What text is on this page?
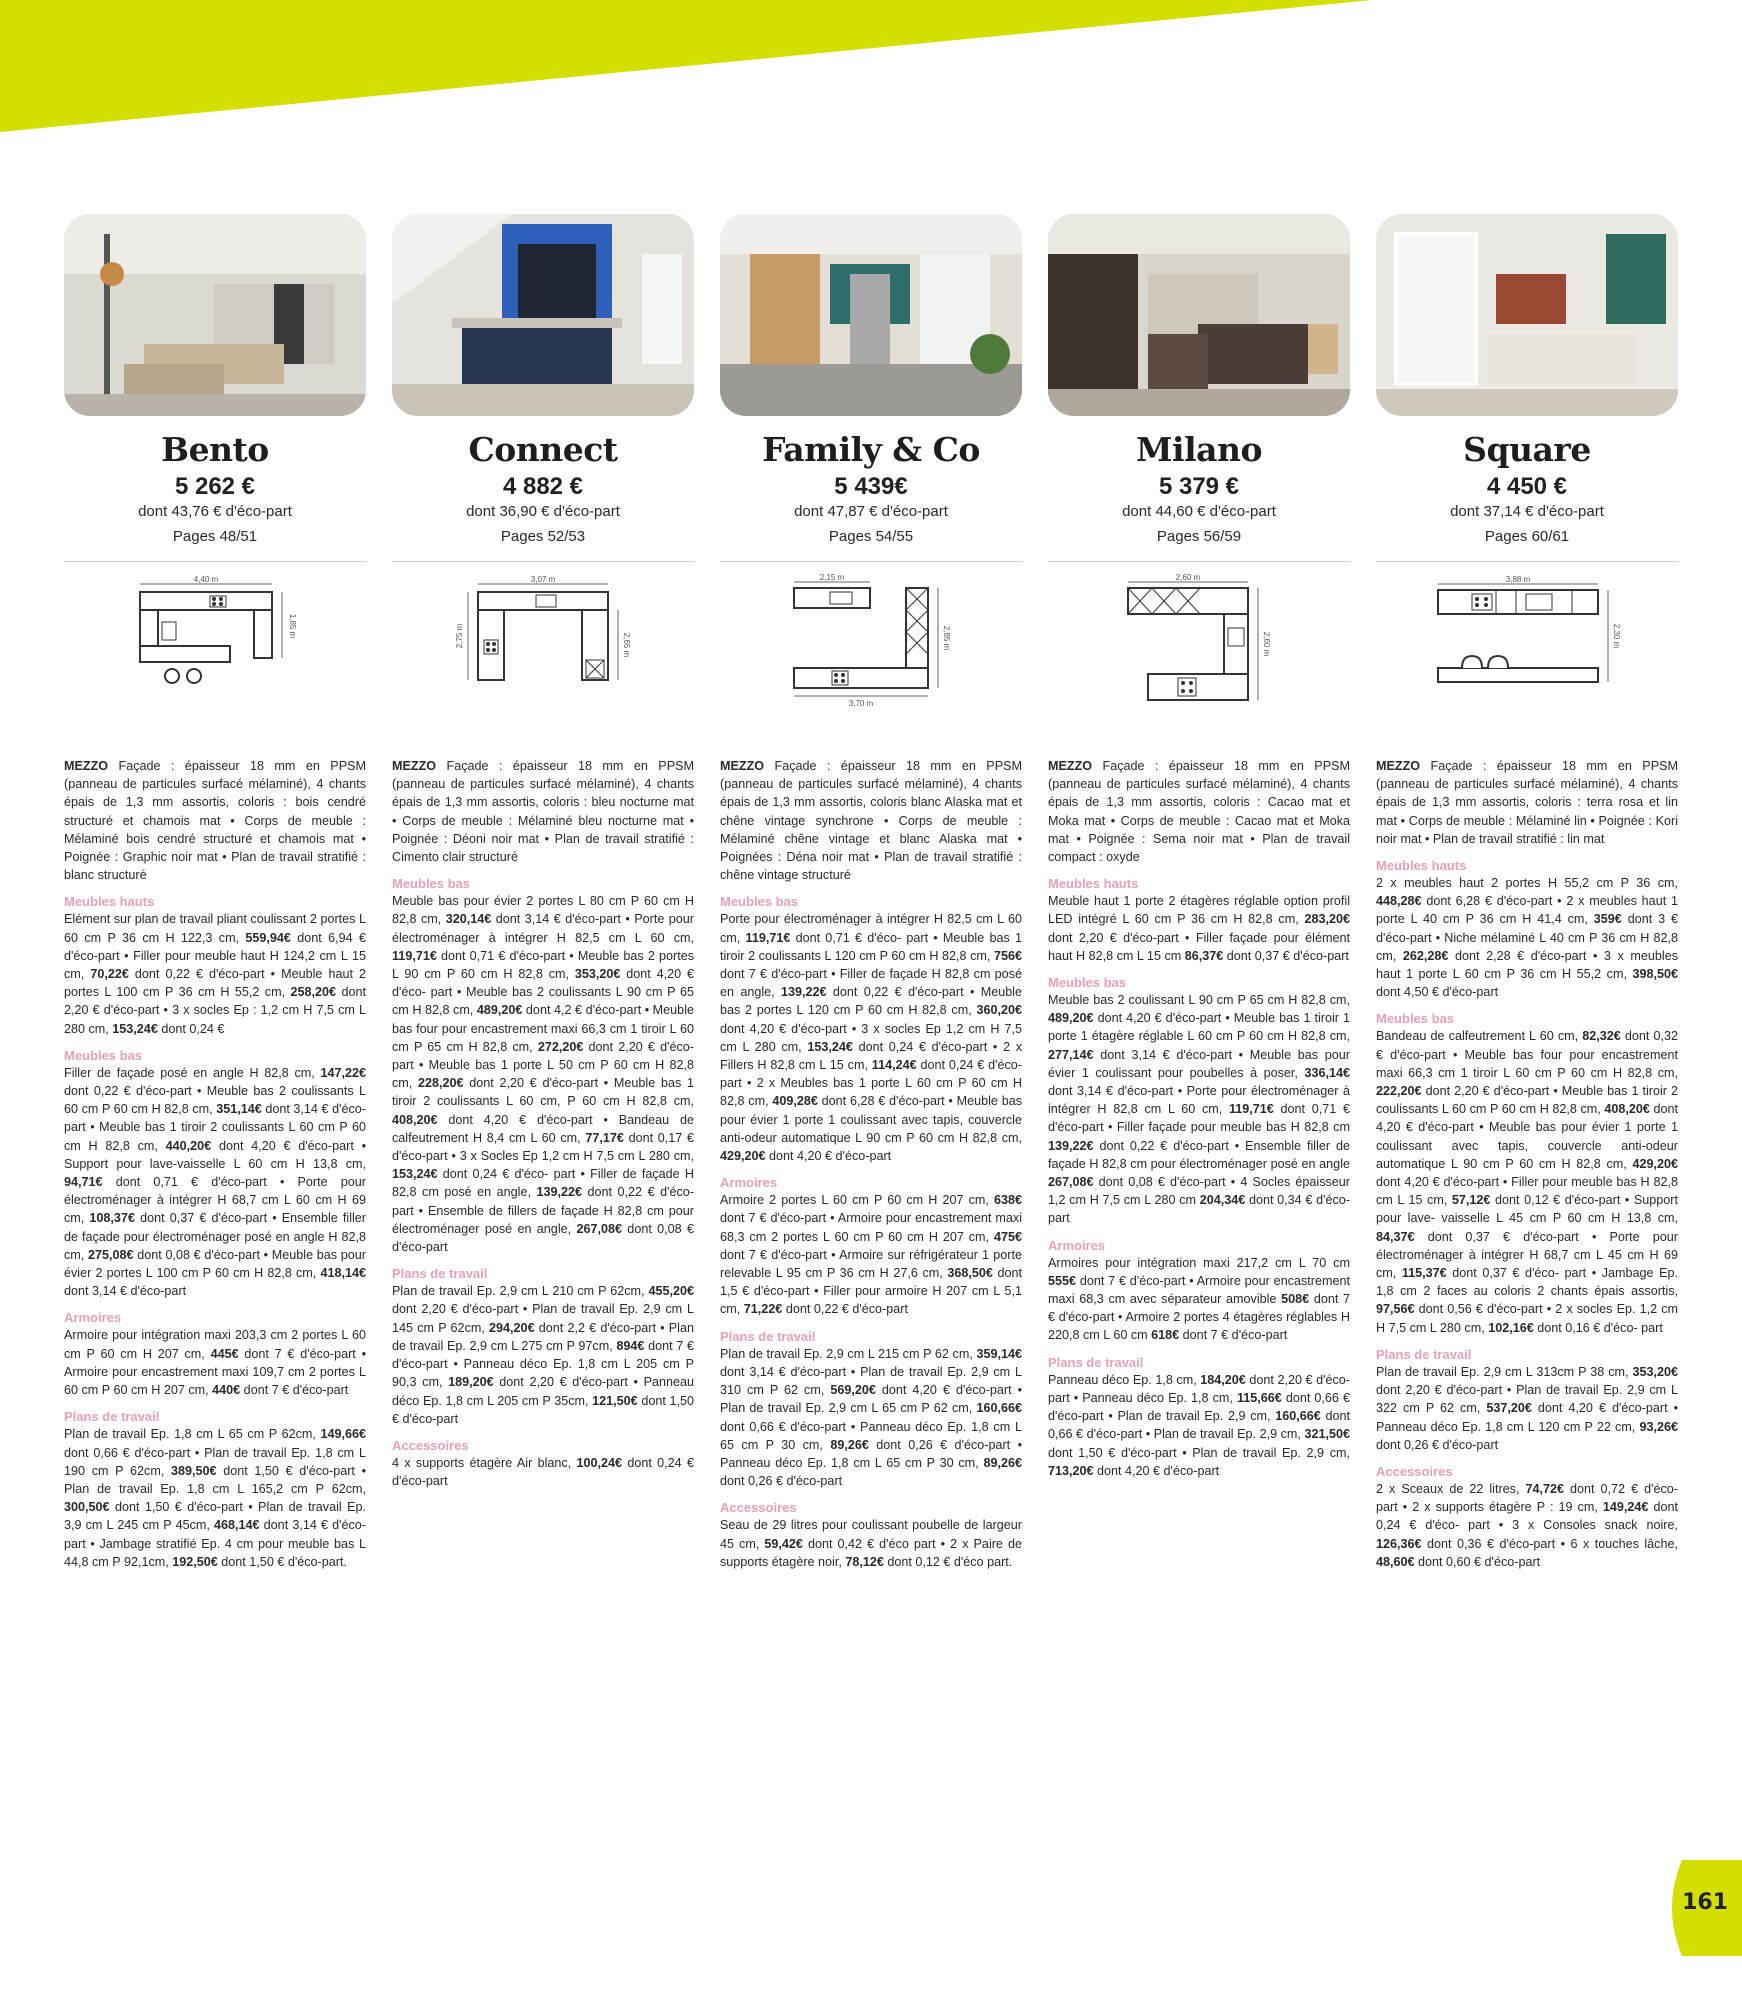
Bento
5 262 €
dont 43,76 € d'éco-part
Pages 48/51
4,40 m
1,85 m
MEZZO Façade : épaisseur 18 mm en PPSM (panneau de particules surfacé mélaminé), 4 chants épais de 1,3 mm assortis, coloris : bois cendré structuré et chamois mat • Corps de meuble : Mélaminé bois cendré structuré et chamois mat • Poignée : Graphic noir mat • Plan de travail stratifié : blanc structuré
Meubles hauts
Elément sur plan de travail pliant coulissant 2 portes L 60 cm P 36 cm H 122,3 cm, 559,94€ dont 6,94 € d'éco-part • Filler pour meuble haut H 124,2 cm L 15 cm, 70,22€ dont 0,22 € d'éco-part • Meuble haut 2 portes L 100 cm P 36 cm H 55,2 cm, 258,20€ dont 2,20 € d'éco-part • 3 x socles Ep : 1,2 cm H 7,5 cm L 280 cm, 153,24€ dont 0,24 €
Meubles bas
Filler de façade posé en angle H 82,8 cm, 147,22€ dont 0,22 € d'éco-part • Meuble bas 2 coulissants L 60 cm P 60 cm H 82,8 cm, 351,14€ dont 3,14 € d'éco-part • Meuble bas 1 tiroir 2 coulissants L 60 cm P 60 cm H 82,8 cm, 440,20€ dont 4,20 € d'éco-part • Support pour lave-vaisselle L 60 cm H 13,8 cm, 94,71€ dont 0,71 € d'éco-part • Porte pour électroménager à intégrer H 68,7 cm L 60 cm H 69 cm, 108,37€ dont 0,37 € d'éco-part • Ensemble filler de façade pour électroménager posé en angle H 82,8 cm, 275,08€ dont 0,08 € d'éco-part • Meuble bas pour évier 2 portes L 100 cm P 60 cm H 82,8 cm, 418,14€ dont 3,14 € d'éco-part
Armoires
Armoire pour intégration maxi 203,3 cm 2 portes L 60 cm P 60 cm H 207 cm, 445€ dont 7 € d'éco-part • Armoire pour encastrement maxi 109,7 cm 2 portes L 60 cm P 60 cm H 207 cm, 440€ dont 7 € d'éco-part
Plans de travail
Plan de travail Ep. 1,8 cm L 65 cm P 62cm, 149,66€ dont 0,66 € d'éco-part • Plan de travail Ep. 1,8 cm L 190 cm P 62cm, 389,50€ dont 1,50 € d'éco-part • Plan de travail Ep. 1,8 cm L 165,2 cm P 62cm, 300,50€ dont 1,50 € d'éco-part • Plan de travail Ep. 3,9 cm L 245 cm P 45cm, 468,14€ dont 3,14 € d'éco-part • Jambage stratifié Ep. 4 cm pour meuble bas L 44,8 cm P 92,1cm, 192,50€ dont 1,50 € d'éco-part.
Connect
4 882 €
dont 36,90 € d'éco-part
Pages 52/53
3,07 m
2,75 m	2,65 m
MEZZO Façade : épaisseur 18 mm en PPSM (panneau de particules surfacé mélaminé), 4 chants épais de 1,3 mm assortis, coloris : bleu nocturne mat • Corps de meuble : Mélaminé bleu nocturne mat • Poignée : Déoni noir mat • Plan de travail stratifié : Cimento clair structuré
Meubles bas
Meuble bas pour évier 2 portes L 80 cm P 60 cm H 82,8 cm, 320,14€ dont 3,14 € d'éco-part • Porte pour électroménager à intégrer H 82,5 cm L 60 cm, 119,71€ dont 0,71 € d'éco-part • Meuble bas 2 portes L 90 cm P 60 cm H 82,8 cm, 353,20€ dont 4,20 € d'éco- part • Meuble bas 2 coulissants L 90 cm P 65 cm H 82,8 cm, 489,20€ dont 4,2 € d'éco-part • Meuble bas four pour encastrement maxi 66,3 cm 1 tiroir L 60 cm P 65 cm H 82,8 cm, 272,20€ dont 2,20 € d'éco-part • Meuble bas 1 porte L 50 cm P 60 cm H 82,8 cm, 228,20€ dont 2,20 € d'éco-part • Meuble bas 1 tiroir 2 coulissants L 60 cm, P 60 cm H 82,8 cm, 408,20€ dont 4,20 € d'éco-part • Bandeau de calfeutrement H 8,4 cm L 60 cm, 77,17€ dont 0,17 € d'éco-part • 3 x Socles Ep 1,2 cm H 7,5 cm L 280 cm, 153,24€ dont 0,24 € d'éco- part • Filler de façade H 82,8 cm posé en angle, 139,22€ dont 0,22 € d'éco-part • Ensemble de fillers de façade H 82,8 cm pour électroménager posé en angle, 267,08€ dont 0,08 € d'éco-part
Plans de travail
Plan de travail Ep. 2,9 cm L 210 cm P 62cm, 455,20€ dont 2,20 € d'éco-part • Plan de travail Ep. 2,9 cm L 145 cm P 62cm, 294,20€ dont 2,2 € d'éco-part • Plan de travail Ep. 2,9 cm L 275 cm P 97cm, 894€ dont 7 € d'éco-part • Panneau déco Ep. 1,8 cm L 205 cm P 90,3 cm, 189,20€ dont 2,20 € d'éco-part • Panneau déco Ep. 1,8 cm L 205 cm P 35cm, 121,50€ dont 1,50 € d'éco-part
Accessoires
4 x supports étagère Air blanc, 100,24€ dont 0,24 € d'éco-part
Family & Co
5 439€
dont 47,87 € d'éco-part
Pages 54/55
2,15 m
2,85 m
3,70 m
MEZZO Façade : épaisseur 18 mm en PPSM (panneau de particules surfacé mélaminé), 4 chants épais de 1,3 mm assortis, coloris blanc Alaska mat et chêne vintage synchrone • Corps de meuble : Mélaminé chêne vintage et blanc Alaska mat • Poignées : Déna noir mat • Plan de travail stratifié : chêne vintage structuré
Meubles bas
Porte pour électroménager à intégrer H 82,5 cm L 60 cm, 119,71€ dont 0,71 € d'éco- part • Meuble bas 1 tiroir 2 coulissants L 120 cm P 60 cm H 82,8 cm, 756€ dont 7 € d'éco-part • Filler de façade H 82,8 cm posé en angle, 139,22€ dont 0,22 € d'éco-part • Meuble bas 2 portes L 120 cm P 60 cm H 82,8 cm, 360,20€ dont 4,20 € d'éco-part • 3 x socles Ep 1,2 cm H 7,5 cm L 280 cm, 153,24€ dont 0,24 € d'éco-part • 2 x Fillers H 82,8 cm L 15 cm, 114,24€ dont 0,24 € d'éco-part • 2 x Meubles bas 1 porte L 60 cm P 60 cm H 82,8 cm, 409,28€ dont 6,28 € d'éco-part • Meuble bas pour évier 1 porte 1 coulissant avec tapis, couvercle anti-odeur automatique L 90 cm P 60 cm H 82,8 cm, 429,20€ dont 4,20 € d'éco-part
Armoires
Armoire 2 portes L 60 cm P 60 cm H 207 cm, 638€ dont 7 € d'éco-part • Armoire pour encastrement maxi 68,3 cm 2 portes L 60 cm P 60 cm H 207 cm, 475€ dont 7 € d'éco-part • Armoire sur réfrigérateur 1 porte relevable L 95 cm P 36 cm H 27,6 cm, 368,50€ dont 1,5 € d'éco-part • Filler pour armoire H 207 cm L 5,1 cm, 71,22€ dont 0,22 € d'éco-part
Plans de travail
Plan de travail Ep. 2,9 cm L 215 cm P 62 cm, 359,14€ dont 3,14 € d'éco-part • Plan de travail Ep. 2,9 cm L 310 cm P 62 cm, 569,20€ dont 4,20 € d'éco-part • Plan de travail Ep. 2,9 cm L 65 cm P 62 cm, 160,66€ dont 0,66 € d'éco-part • Panneau déco Ep. 1,8 cm L 65 cm P 30 cm, 89,26€ dont 0,26 € d'éco-part • Panneau déco Ep. 1,8 cm L 65 cm P 30 cm, 89,26€ dont 0,26 € d'éco-part
Accessoires
Seau de 29 litres pour coulissant poubelle de largeur 45 cm, 59,42€ dont 0,42 € d'éco part • 2 x Paire de supports étagère noir, 78,12€ dont 0,12 € d'éco part.
Milano
5 379 €
dont 44,60 € d'éco-part
Pages 56/59
2,60 m
2,60 m
MEZZO Façade : épaisseur 18 mm en PPSM (panneau de particules surfacé mélaminé), 4 chants épais de 1,3 mm assortis, coloris : Cacao mat et Moka mat • Corps de meuble : Cacao mat et Moka mat • Poignée : Sema noir mat • Plan de travail compact : oxyde
Meubles hauts
Meuble haut 1 porte 2 étagères réglable option profil LED intégré L 60 cm P 36 cm H 82,8 cm, 283,20€ dont 2,20 € d'éco-part • Filler façade pour élément haut H 82,8 cm L 15 cm 86,37€ dont 0,37 € d'éco-part
Meubles bas
Meuble bas 2 coulissant L 90 cm P 65 cm H 82,8 cm, 489,20€ dont 4,20 € d'éco-part • Meuble bas 1 tiroir 1 porte 1 étagère réglable L 60 cm P 60 cm H 82,8 cm, 277,14€ dont 3,14 € d'éco-part • Meuble bas pour évier 1 coulissant pour poubelles à poser, 336,14€ dont 3,14 € d'éco-part • Porte pour électroménager à intégrer H 82,8 cm L 60 cm, 119,71€ dont 0,71 € d'éco-part • Filler façade pour meuble bas H 82,8 cm 139,22€ dont 0,22 € d'éco-part • Ensemble filler de façade H 82,8 cm pour électroménager posé en angle 267,08€ dont 0,08 € d'éco-part • 4 Socles épaisseur 1,2 cm H 7,5 cm L 280 cm 204,34€ dont 0,34 € d'éco-part
Armoires
Armoires pour intégration maxi 217,2 cm L 70 cm 555€ dont 7 € d'éco-part • Armoire pour encastrement maxi 68,3 cm avec séparateur amovible 508€ dont 7 € d'éco-part • Armoire 2 portes 4 étagères réglables H 220,8 cm L 60 cm 618€ dont 7 € d'éco-part
Plans de travail
Panneau déco Ep. 1,8 cm, 184,20€ dont 2,20 € d'éco-part • Panneau déco Ep. 1,8 cm, 115,66€ dont 0,66 € d'éco-part • Plan de travail Ep. 2,9 cm, 160,66€ dont 0,66 € d'éco-part • Plan de travail Ep. 2,9 cm, 321,50€ dont 1,50 € d'éco-part • Plan de travail Ep. 2,9 cm, 713,20€ dont 4,20 € d'éco-part
Square
4 450 €
dont 37,14 € d'éco-part
Pages 60/61
3,88 m
2,30 m
MEZZO Façade : épaisseur 18 mm en PPSM (panneau de particules surfacé mélaminé), 4 chants épais de 1,3 mm assortis, coloris : terra rosa et lin mat • Corps de meuble : Mélaminé lin • Poignée : Kori noir mat • Plan de travail stratifié : lin mat
Meubles hauts
2 x meubles haut 2 portes H 55,2 cm P 36 cm, 448,28€ dont 6,28 € d'éco-part • 2 x meubles haut 1 porte L 40 cm P 36 cm H 41,4 cm, 359€ dont 3 € d'éco-part • Niche mélaminé L 40 cm P 36 cm H 82,8 cm, 262,28€ dont 2,28 € d'éco-part • 3 x meubles haut 1 porte L 60 cm P 36 cm H 55,2 cm, 398,50€ dont 4,50 € d'éco-part
Meubles bas
Bandeau de calfeutrement L 60 cm, 82,32€ dont 0,32 € d'éco-part • Meuble bas four pour encastrement maxi 66,3 cm 1 tiroir L 60 cm P 60 cm H 82,8 cm, 222,20€ dont 2,20 € d'éco-part • Meuble bas 1 tiroir 2 coulissants L 60 cm P 60 cm H 82,8 cm, 408,20€ dont 4,20 € d'éco-part • Meuble bas pour évier 1 porte 1 coulissant avec tapis, couvercle anti-odeur automatique L 90 cm P 60 cm H 82,8 cm, 429,20€ dont 4,20 € d'éco-part • Filler pour meuble bas H 82,8 cm L 15 cm, 57,12€ dont 0,12 € d'éco-part • Support pour lave- vaisselle L 45 cm P 60 cm H 13,8 cm, 84,37€ dont 0,37 € d'éco-part • Porte pour électroménager à intégrer H 68,7 cm L 45 cm H 69 cm, 115,37€ dont 0,37 € d'éco- part • Jambage Ep. 1,8 cm 2 faces au coloris 2 chants épais assortis, 97,56€ dont 0,56 € d'éco-part • 2 x socles Ep. 1,2 cm H 7,5 cm L 280 cm, 102,16€ dont 0,16 € d'éco- part
Plans de travail
Plan de travail Ep. 2,9 cm L 313cm P 38 cm, 353,20€ dont 2,20 € d'éco-part • Plan de travail Ep. 2,9 cm L 322 cm P 62 cm, 537,20€ dont 4,20 € d'éco-part • Panneau déco Ep. 1,8 cm L 120 cm P 22 cm, 93,26€ dont 0,26 € d'éco-part
Accessoires
2 x Sceaux de 22 litres, 74,72€ dont 0,72 € d'éco- part • 2 x supports étagère P : 19 cm, 149,24€ dont 0,24 € d'éco- part • 3 x Consoles snack noire, 126,36€ dont 0,36 € d'éco-part • 6 x touches lâche, 48,60€ dont 0,60 € d'éco-part
161
